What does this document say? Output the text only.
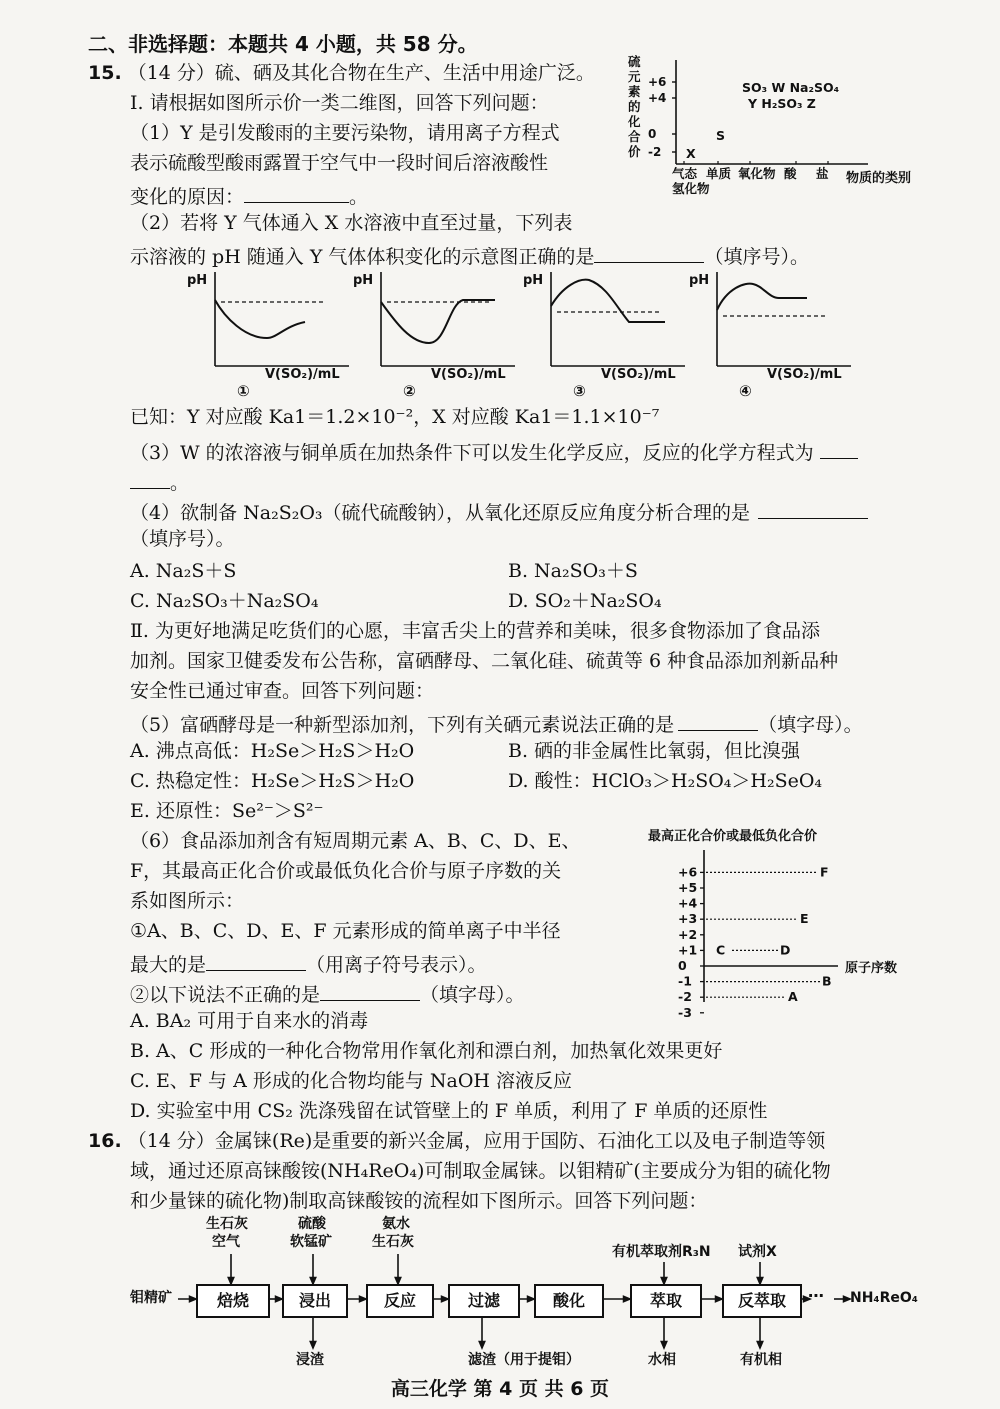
二、非选择题：本题共 4 小题，共 58 分。
15. （14 分）硫、硒及其化合物在生产、生活中用途广泛。
Ⅰ. 请根据如图所示价一类二维图，回答下列问题：
（1）Y 是引发酸雨的主要污染物，请用离子方程式
表示硫酸型酸雨露置于空气中一段时间后溶液酸性
变化的原因：	。
（2）若将 Y 气体通入 X 水溶液中直至过量，下列表
示溶液的 pH 随通入 Y 气体体积变化的示意图正确的是	（填序号）。
硫
元
素
的
化
合
价
+6
+4
0
-2
气态
氢化物
单质 氧化物 酸 盐 物质的类别
SO₃ W Na₂SO₄
Y H₂SO₃ Z
S
X
pH
V(SO₂)/mL
①
pH
V(SO₂)/mL
②
pH
V(SO₂)/mL
③
pH
V(SO₂)/mL
④
已知：Y 对应酸 Ka1＝1.2×10⁻²，X 对应酸 Ka1＝1.1×10⁻⁷
（3）W 的浓溶液与铜单质在加热条件下可以发生化学反应，反应的化学方程式为
。
（4）欲制备 Na₂S₂O₃（硫代硫酸钠），从氧化还原反应角度分析合理的是
（填序号）。
A. Na₂S＋S	B. Na₂SO₃＋S
C. Na₂SO₃＋Na₂SO₄	D. SO₂＋Na₂SO₄
Ⅱ. 为更好地满足吃货们的心愿，丰富舌尖上的营养和美味，很多食物添加了食品添
加剂。国家卫健委发布公告称，富硒酵母、二氧化硅、硫黄等 6 种食品添加剂新品种
安全性已通过审查。回答下列问题：
（5）富硒酵母是一种新型添加剂，下列有关硒元素说法正确的是	（填字母）。
A. 沸点高低：H₂Se＞H₂S＞H₂O	B. 硒的非金属性比氧弱，但比溴强
C. 热稳定性：H₂Se＞H₂S＞H₂O	D. 酸性：HClO₃＞H₂SO₄＞H₂SeO₄
E. 还原性：Se²⁻＞S²⁻
（6）食品添加剂含有短周期元素 A、B、C、D、E、
F，其最高正化合价或最低负化合价与原子序数的关
系如图所示：
①A、B、C、D、E、F 元素形成的简单离子中半径
最大的是	（用离子符号表示）。
②以下说法不正确的是	（填字母）。
A. BA₂ 可用于自来水的消毒
B. A、C 形成的一种化合物常用作氧化剂和漂白剂，加热氧化效果更好
C. E、F 与 A 形成的化合物均能与 NaOH 溶液反应
D. 实验室中用 CS₂ 洗涤残留在试管壁上的 F 单质，利用了 F 单质的还原性
最高正化合价或最低负化合价
+6
+5
+4
+3
+2
+1
0
-1
-2
-3
F
E
C	D
B
A
原子序数
16. （14 分）金属铼(Re)是重要的新兴金属，应用于国防、石油化工以及电子制造等领
域，通过还原高铼酸铵(NH₄ReO₄)可制取金属铼。以钼精矿(主要成分为钼的硫化物
和少量铼的硫化物)制取高铼酸铵的流程如下图所示。回答下列问题：
钼精矿	焙烧	浸出	反应	过滤	酸化	萃取	反萃取	⋯ NH₄ReO₄
生石灰
空气
硫酸
软锰矿
氨水
生石灰
有机萃取剂R₃N 试剂X
浸渣	滤渣（用于提钼）	水相	有机相
高三化学 第 4 页 共 6 页
